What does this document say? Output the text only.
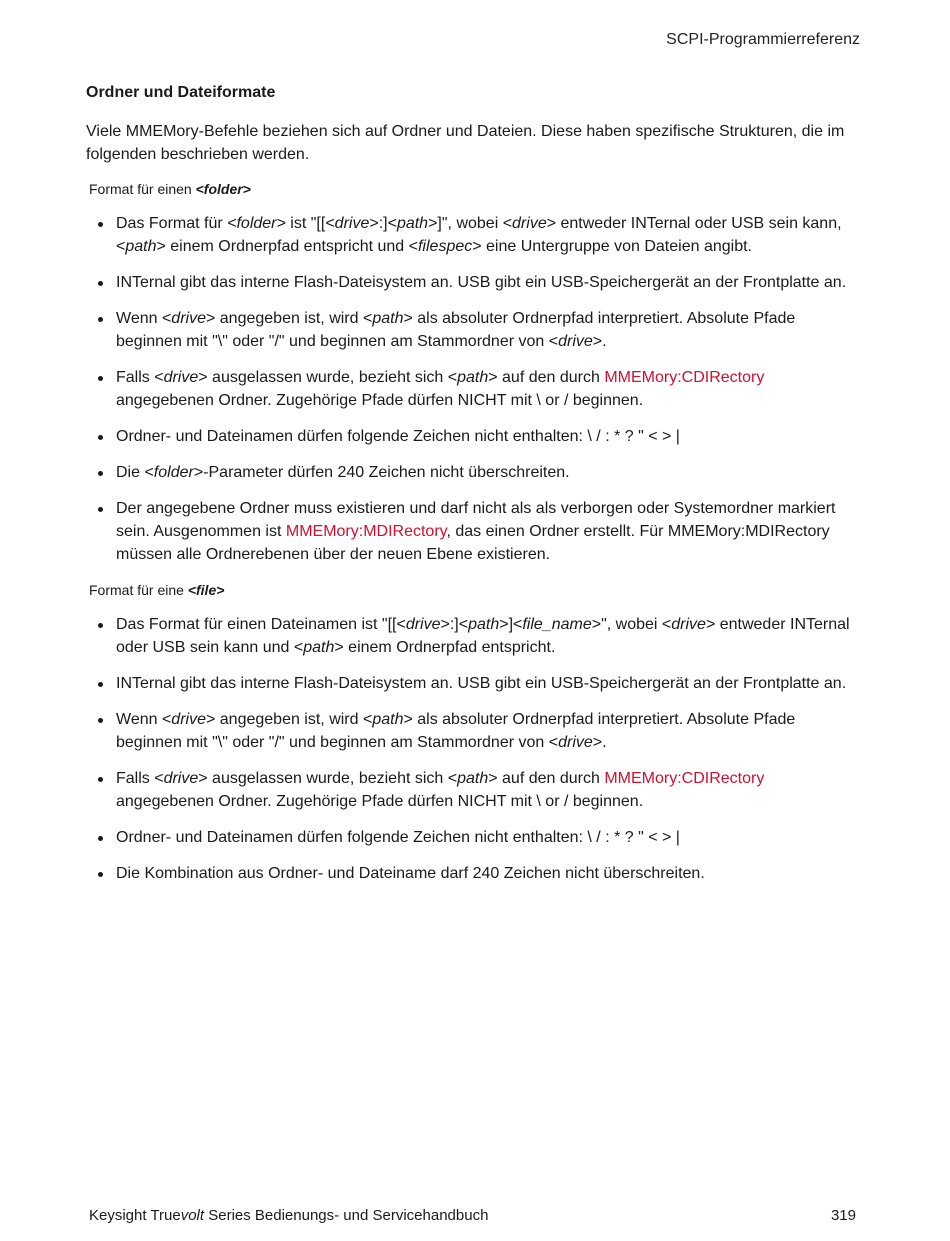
SCPI-Programmierreferenz
Ordner und Dateiformate

Viele MMEMory-Befehle beziehen sich auf Ordner und Dateien. Diese haben spezifische Strukturen, die im folgenden beschrieben werden.

Format für einen <folder>
Das Format für <folder> ist "[[<drive>:]<path>]", wobei <drive> entweder INTernal oder USB sein kann, <path> einem Ordnerpfad entspricht und <filespec> eine Untergruppe von Dateien angibt.
INTernal gibt das interne Flash-Dateisystem an. USB gibt ein USB-Speichergerät an der Frontplatte an.
Wenn <drive> angegeben ist, wird <path> als absoluter Ordnerpfad interpretiert. Absolute Pfade beginnen mit "\" oder "/" und beginnen am Stammordner von <drive>.
Falls <drive> ausgelassen wurde, bezieht sich <path> auf den durch MMEMory:CDIRectory angegebenen Ordner. Zugehörige Pfade dürfen NICHT mit \ or / beginnen.
Ordner- und Dateinamen dürfen folgende Zeichen nicht enthalten: \ / : * ? " < > |
Die <folder>-Parameter dürfen 240 Zeichen nicht überschreiten.
Der angegebene Ordner muss existieren und darf nicht als als verborgen oder Systemordner markiert sein. Ausgenommen ist MMEMory:MDIRectory, das einen Ordner erstellt. Für MMEMory:MDIRectory müssen alle Ordnerebenen über der neuen Ebene existieren.
Format für eine <file>
Das Format für einen Dateinamen ist "[[<drive>:]<path>]<file_name>", wobei <drive> entweder INTernal oder USB sein kann und <path> einem Ordnerpfad entspricht.
INTernal gibt das interne Flash-Dateisystem an. USB gibt ein USB-Speichergerät an der Frontplatte an.
Wenn <drive> angegeben ist, wird <path> als absoluter Ordnerpfad interpretiert. Absolute Pfade beginnen mit "\" oder "/" und beginnen am Stammordner von <drive>.
Falls <drive> ausgelassen wurde, bezieht sich <path> auf den durch MMEMory:CDIRectory angegebenen Ordner. Zugehörige Pfade dürfen NICHT mit \ or / beginnen.
Ordner- und Dateinamen dürfen folgende Zeichen nicht enthalten: \ / : * ? " < > |
Die Kombination aus Ordner- und Dateiname darf 240 Zeichen nicht überschreiten.
Keysight Truevolt Series Bedienungs- und Servicehandbuch	319
